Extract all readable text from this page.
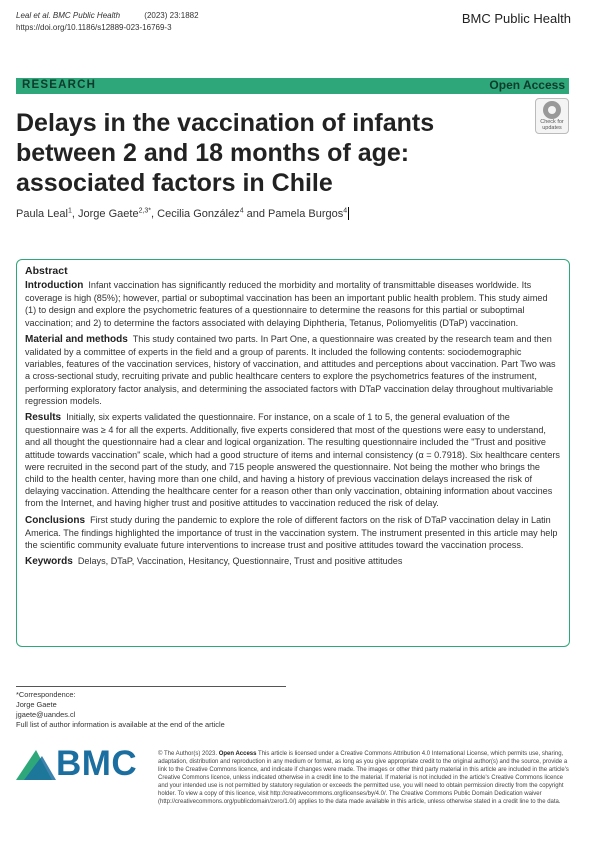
Leal et al. BMC Public Health	(2023) 23:1882
https://doi.org/10.1186/s12889-023-16769-3
BMC Public Health
RESEARCH	Open Access
Check for
updates
Delays in the vaccination of infants between 2 and 18 months of age: associated factors in Chile
Paula Leal$^1$, Jorge Gaete$^{2,3*}$, Cecilia González$^4$ and Pamela Burgos$^4$
Abstract

Introduction Infant vaccination has significantly reduced the morbidity and mortality of transmittable diseases worldwide. Its coverage is high (85%); however, partial or suboptimal vaccination has been an important public health problem. This study aimed (1) to design and explore the psychometric features of a questionnaire to determine the reasons for this partial or suboptimal vaccination; and 2) to determine the factors associated with delaying Diphtheria, Tetanus, Poliomyelitis (DTaP) vaccination.

Material and methods This study contained two parts. In Part One, a questionnaire was created by the research team and then validated by a committee of experts in the field and a group of parents. It included the following contents: sociodemographic variables, features of the vaccination services, history of vaccination, and attitudes and perceptions about vaccination. Part Two was a cross-sectional study, recruiting private and public healthcare centers to explore the psychometrics features of the instrument, performing exploratory factor analysis, and determining the associated factors with DTaP vaccination delay throughout multivariable regression models.

Results Initially, six experts validated the questionnaire. For instance, on a scale of 1 to 5, the general evaluation of the questionnaire was ≥ 4 for all the experts. Additionally, five experts considered that most of the questions were easy to understand, and all thought the questionnaire had a clear and logical organization. The resulting questionnaire included the "Trust and positive attitude towards vaccination" scale, which had a good structure of items and internal consistency (α = 0.7918). Six healthcare centers were recruited in the second part of the study, and 715 people answered the questionnaire. Not being the mother who brings the child to the health center, having more than one child, and having a history of previous vaccination delays increased the risk of delaying vaccination. Attending the healthcare center for a reason other than only vaccination, obtaining information about vaccines from the Internet, and having higher trust and positive attitudes to vaccination reduced the risk of delay.

Conclusions First study during the pandemic to explore the role of different factors on the risk of DTaP vaccination delay in Latin America. The findings highlighted the importance of trust in the vaccination system. The instrument presented in this article may help the scientific community evaluate future interventions to increase trust and positive attitudes toward the vaccination process.

Keywords Delays, DTaP, Vaccination, Hesitancy, Questionnaire, Trust and positive attitudes

*Correspondence:
Jorge Gaete
jgaete@uandes.cl
Full list of author information is available at the end of the article
BMC	© The Author(s) 2023. Open Access This article is licensed under a Creative Commons Attribution 4.0 International License, which permits use, sharing, adaptation, distribution and reproduction in any medium or format, as long as you give appropriate credit to the original author(s) and the source, provide a link to the Creative Commons licence, and indicate if changes were made. The images or other third party material in this article are included in the article's Creative Commons licence, unless indicated otherwise in a credit line to the material. If material is not included in the article's Creative Commons licence and your intended use is not permitted by statutory regulation or exceeds the permitted use, you will need to obtain permission directly from the copyright holder. To view a copy of this licence, visit http://creativecommons.org/licenses/by/4.0/. The Creative Commons Public Domain Dedication waiver (http://creativecommons.org/publicdomain/zero/1.0/) applies to the data made available in this article, unless otherwise stated in a credit line to the data.
